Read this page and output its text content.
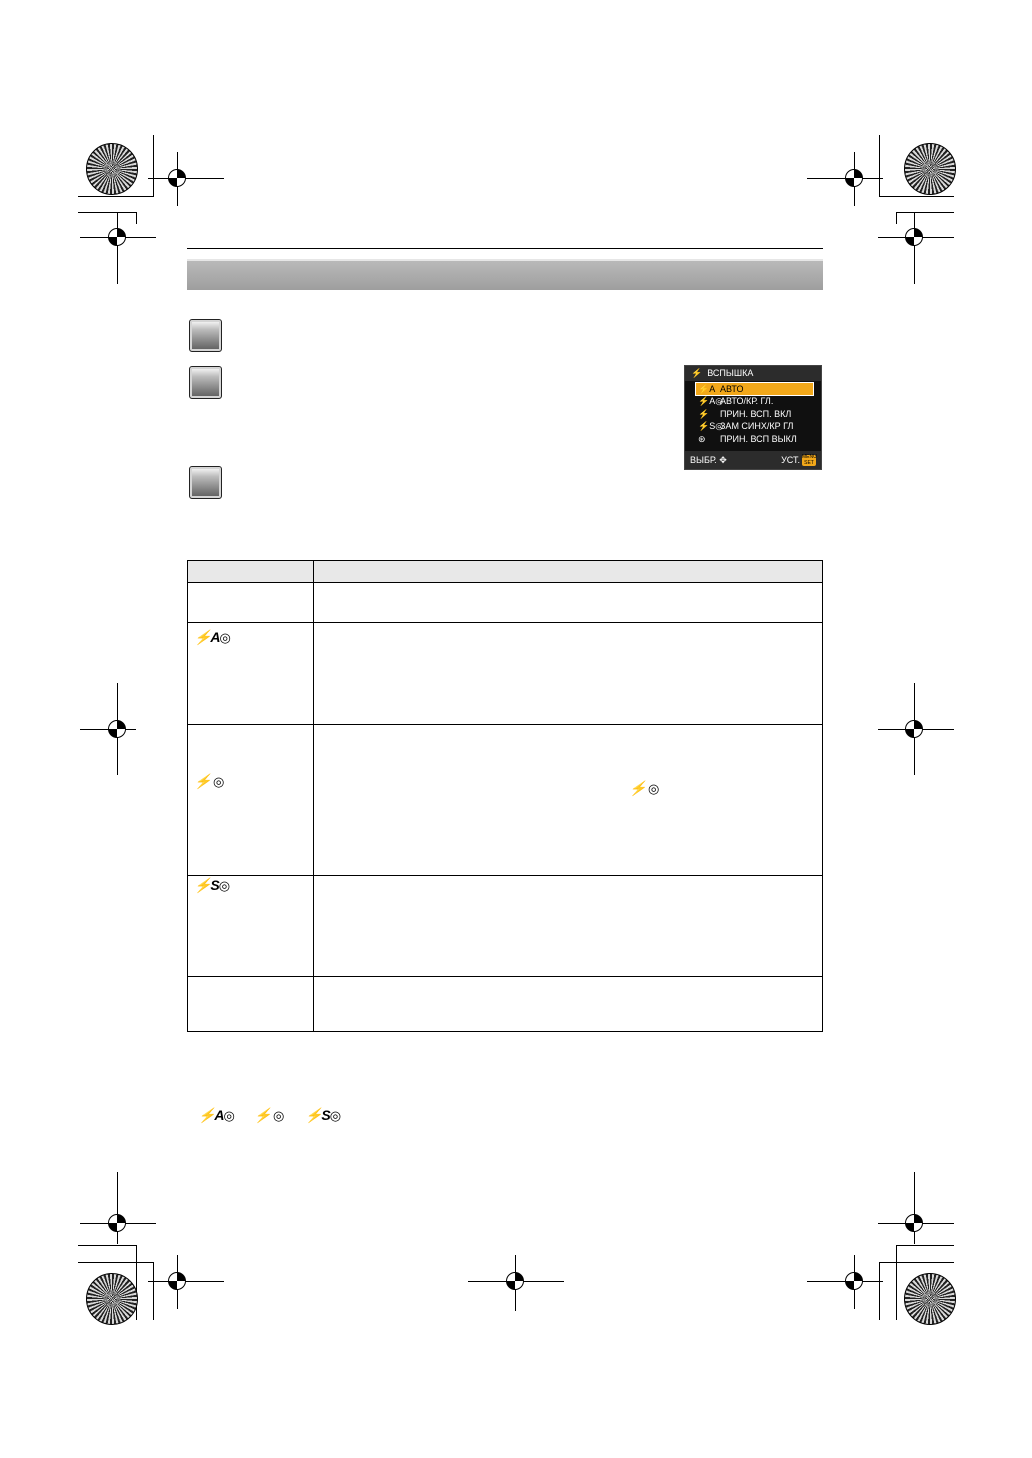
⚡ ВСПЫШКА
⚡A АВТО
⚡A◎АВТО/КР. ГЛ.
⚡ ПРИН. ВСП. ВКЛ
⚡S◎ЗАМ СИНХ/КР ГЛ
⊛ ПРИН. ВСП ВЫКЛ
ВЫБР. ✥	УСТ. MENU
SET
⚡A◎
⚡ ◎	⚡ ◎
⚡S◎
⚡A◎ ⚡ ◎ ⚡S◎
